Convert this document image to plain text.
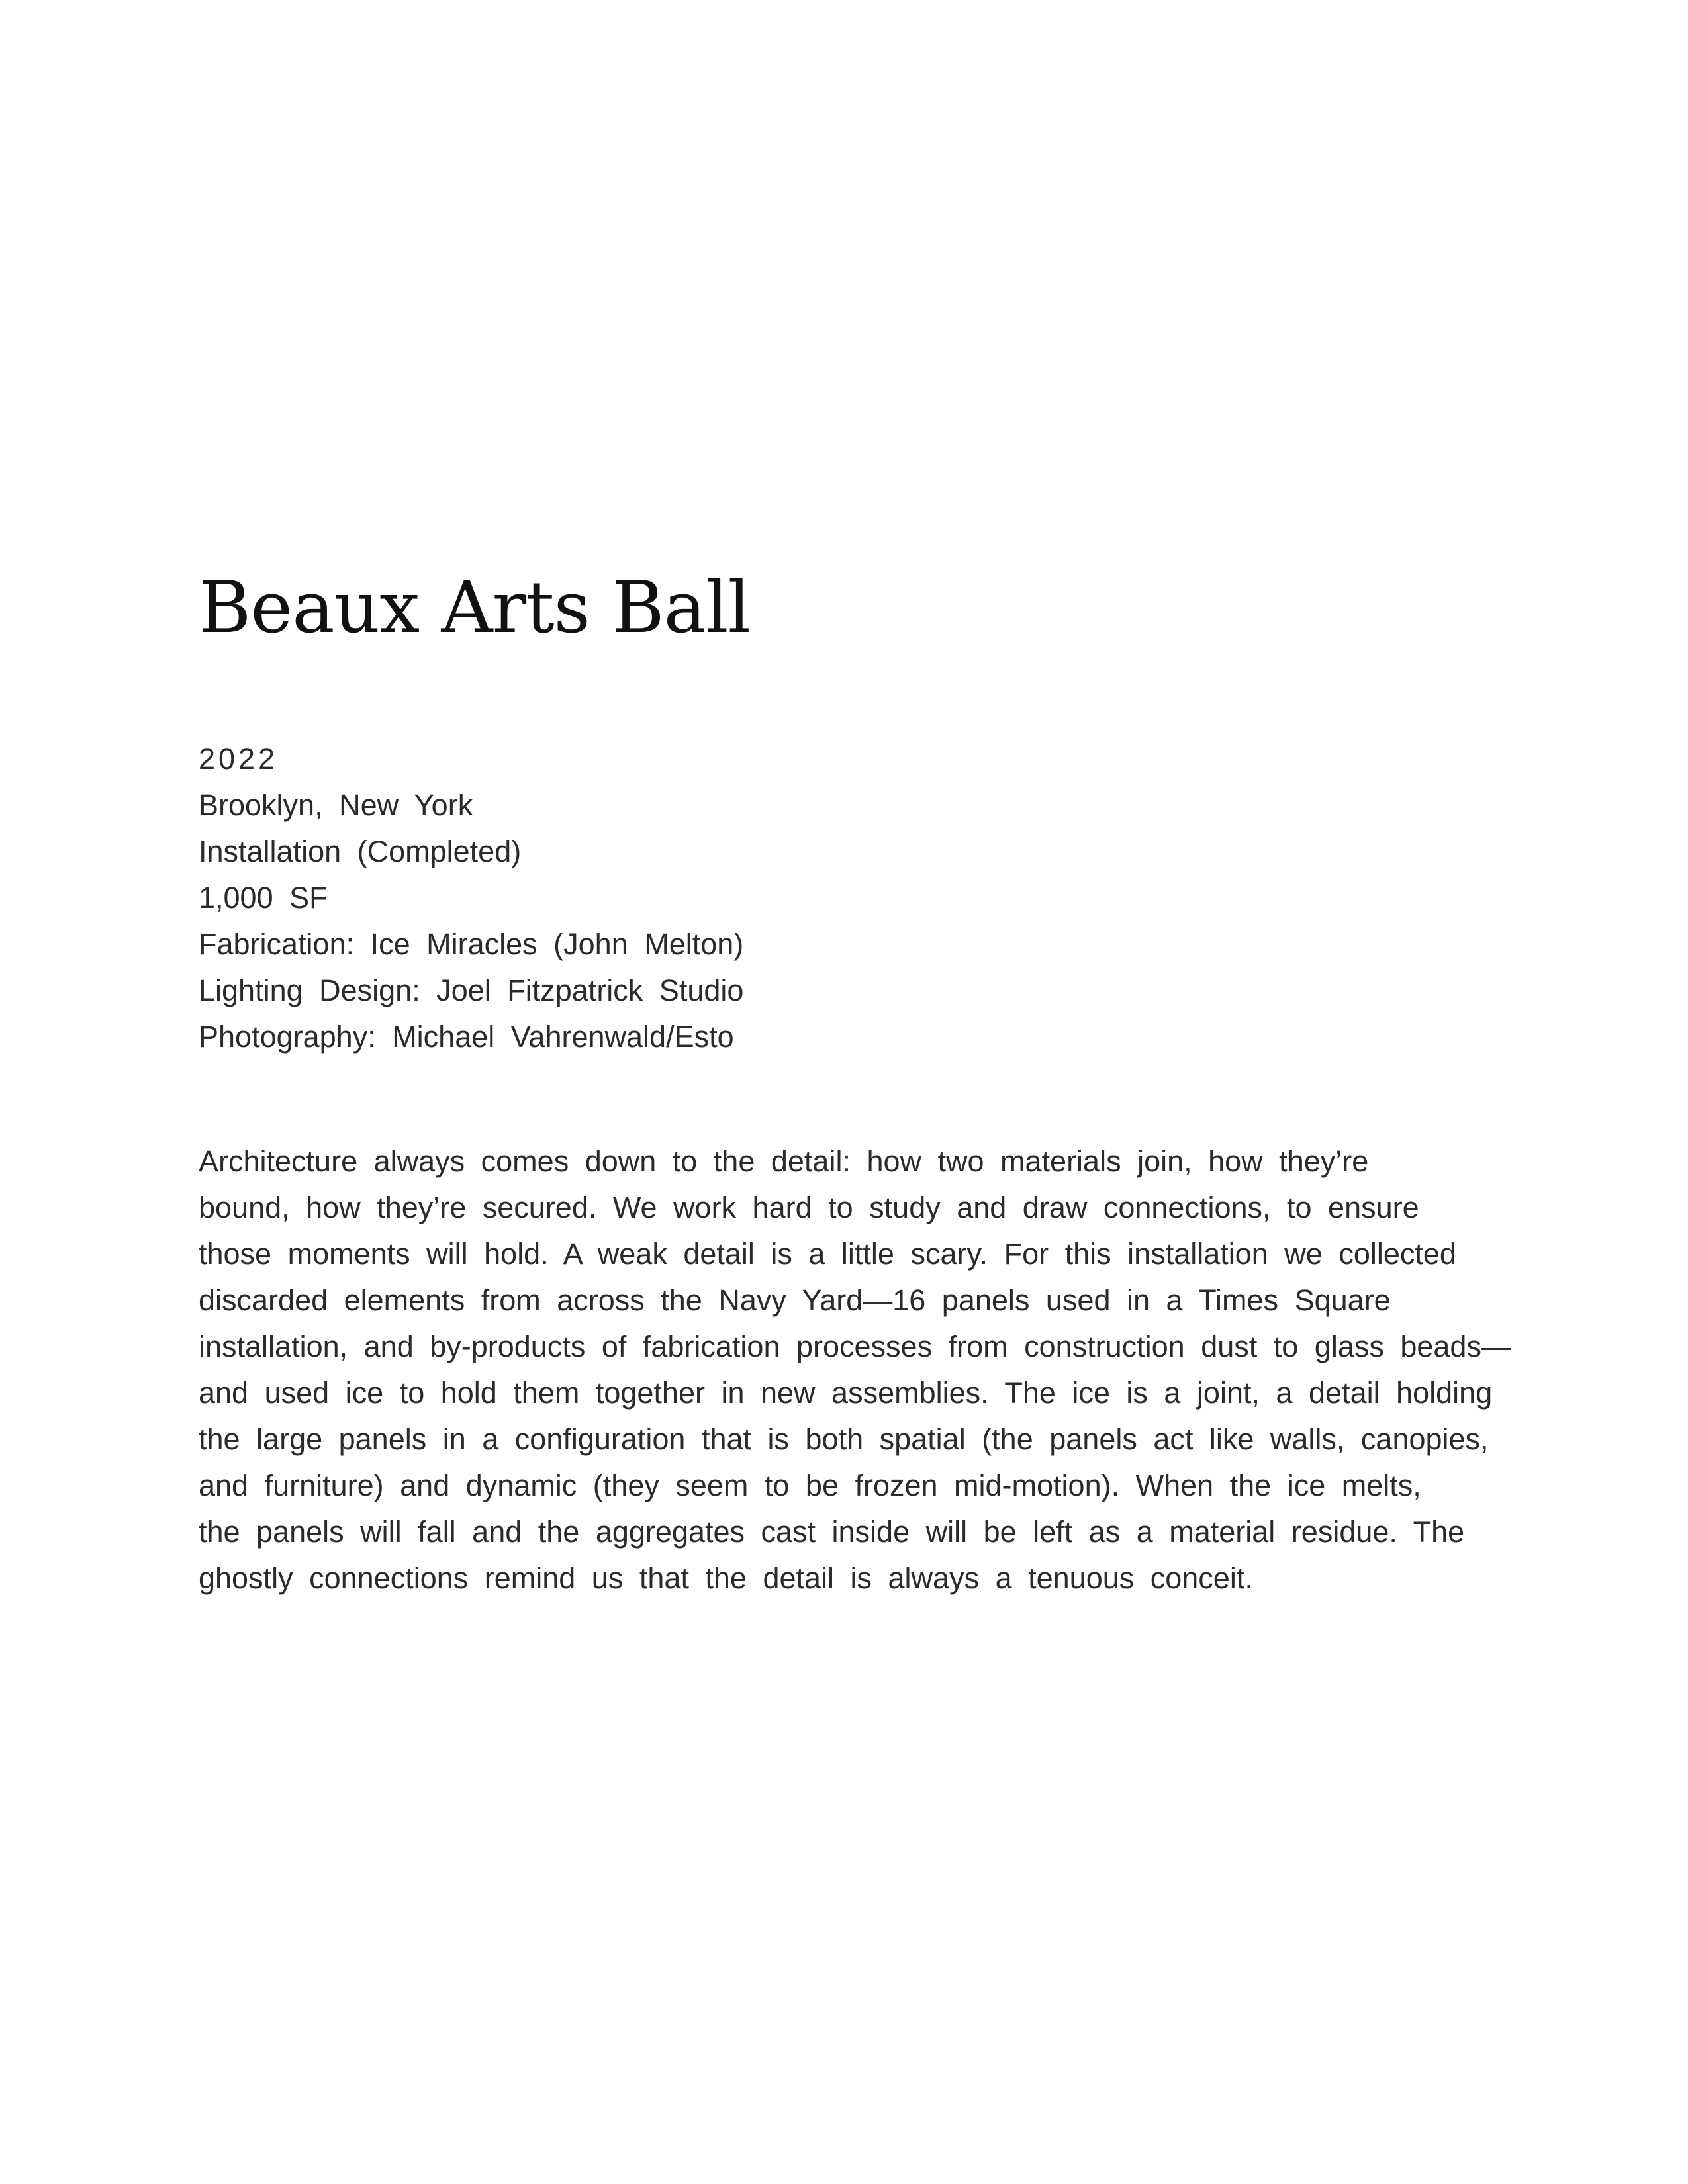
Beaux Arts Ball
2022
Brooklyn, New York
Installation (Completed)
1,000 SF
Fabrication: Ice Miracles (John Melton)
Lighting Design: Joel Fitzpatrick Studio
Photography: Michael Vahrenwald/Esto

Architecture always comes down to the detail: how two materials join, how they’re
bound, how they’re secured. We work hard to study and draw connections, to ensure
those moments will hold. A weak detail is a little scary. For this installation we collected
discarded elements from across the Navy Yard—16 panels used in a Times Square
installation, and by-products of fabrication processes from construction dust to glass beads—
and used ice to hold them together in new assemblies. The ice is a joint, a detail holding
the large panels in a configuration that is both spatial (the panels act like walls, canopies,
and furniture) and dynamic (they seem to be frozen mid-motion). When the ice melts,
the panels will fall and the aggregates cast inside will be left as a material residue. The
ghostly connections remind us that the detail is always a tenuous conceit.
